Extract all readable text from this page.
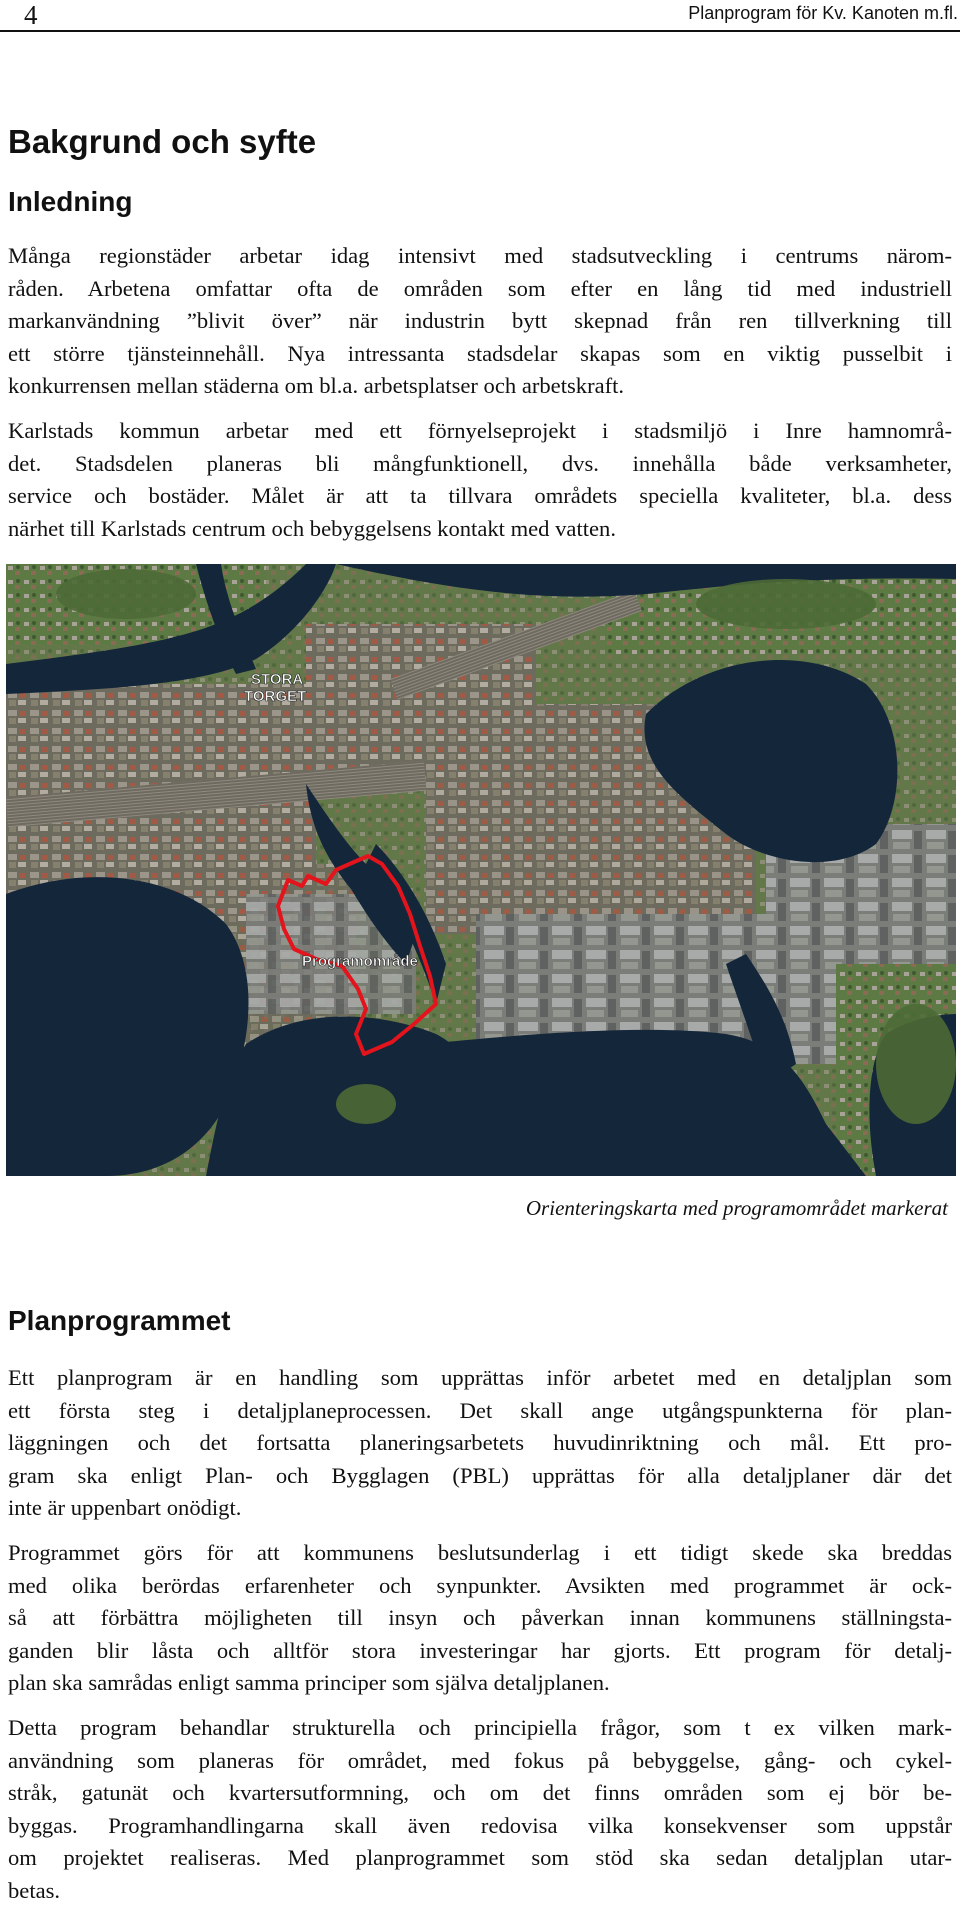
4	Planprogram för Kv. Kanoten m.fl.
Bakgrund och syfte
Inledning
Många regionstäder arbetar idag intensivt med stadsutveckling i centrums närom-
råden. Arbetena omfattar ofta de områden som efter en lång tid med industriell
markanvändning ”blivit över” när industrin bytt skepnad från ren tillverkning till
ett större tjänsteinnehåll. Nya intressanta stadsdelar skapas som en viktig pusselbit i
konkurrensen mellan städerna om bl.a. arbetsplatser och arbetskraft.
Karlstads kommun arbetar med ett förnyelseprojekt i stadsmiljö i Inre hamnområ-
det. Stadsdelen planeras bli mångfunktionell, dvs. innehålla både verksamheter,
service och bostäder. Målet är att ta tillvara områdets speciella kvaliteter, bl.a. dess
närhet till Karlstads centrum och bebyggelsens kontakt med vatten.
STORA
TORGET
Programområde
Orienteringskarta med programområdet markerat
Planprogrammet
Ett planprogram är en handling som upprättas inför arbetet med en detaljplan som
ett första steg i detaljplaneprocessen. Det skall ange utgångspunkterna för plan-
läggningen och det fortsatta planeringsarbetets huvudinriktning och mål. Ett pro-
gram ska enligt Plan- och Bygglagen (PBL) upprättas för alla detaljplaner där det
inte är uppenbart onödigt.
Programmet görs för att kommunens beslutsunderlag i ett tidigt skede ska breddas
med olika berördas erfarenheter och synpunkter. Avsikten med programmet är ock-
så att förbättra möjligheten till insyn och påverkan innan kommunens ställningsta-
ganden blir låsta och alltför stora investeringar har gjorts. Ett program för detalj-
plan ska samrådas enligt samma principer som själva detaljplanen.
Detta program behandlar strukturella och principiella frågor, som t ex vilken mark-
användning som planeras för området, med fokus på bebyggelse, gång- och cykel-
stråk, gatunät och kvartersutformning, och om det finns områden som ej bör be-
byggas. Programhandlingarna skall även redovisa vilka konsekvenser som uppstår
om projektet realiseras. Med planprogrammet som stöd ska sedan detaljplan utar-
betas.
